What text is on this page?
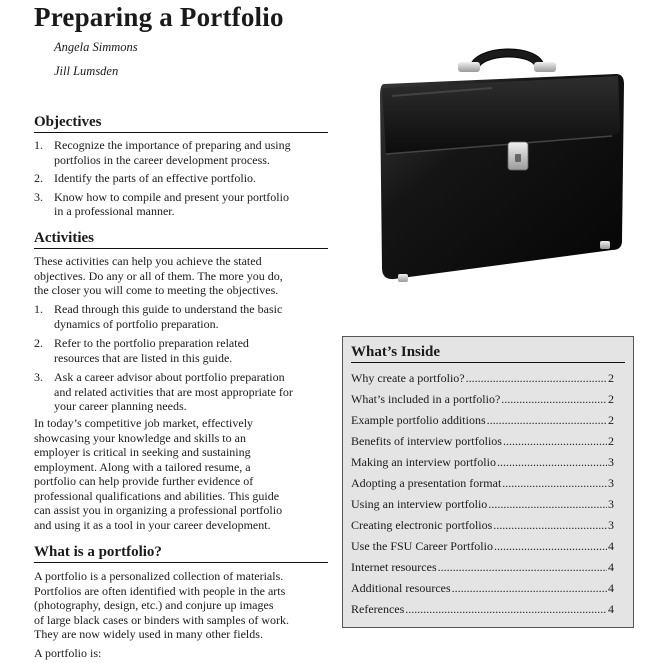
Preparing a Portfolio
Angela Simmons
Jill Lumsden
Objectives
1. Recognize the importance of preparing and using
portfolios in the career development process.
2. Identify the parts of an effective portfolio.
3. Know how to compile and present your portfolio
in a professional manner.
Activities
These activities can help you achieve the stated
objectives. Do any or all of them. The more you do,
the closer you will come to meeting the objectives.
1. Read through this guide to understand the basic
dynamics of portfolio preparation.
2. Refer to the portfolio preparation related
resources that are listed in this guide.
3. Ask a career advisor about portfolio preparation
and related activities that are most appropriate for
your career planning needs.
In today’s competitive job market, effectively
showcasing your knowledge and skills to an
employer is critical in seeking and sustaining
employment. Along with a tailored resume, a
portfolio can help provide further evidence of
professional qualifications and abilities. This guide
can assist you in organizing a professional portfolio
and using it as a tool in your career development.
What is a portfolio?
A portfolio is a personalized collection of materials.
Portfolios are often identified with people in the arts
(photography, design, etc.) and conjure up images
of large black cases or binders with samples of work.
They are now widely used in many other fields.
A portfolio is:
What’s Inside
Why create a portfolio? .....	2
What’s included in a portfolio? .....	2
Example portfolio additions .....	2
Benefits of interview portfolios .....	2
Making an interview portfolio .....	3
Adopting a presentation format .....	3
Using an interview portfolio .....	3
Creating electronic portfolios .....	3
Use the FSU Career Portfolio .....	4
Internet resources .....	4
Additional resources .....	4
References .....	4
